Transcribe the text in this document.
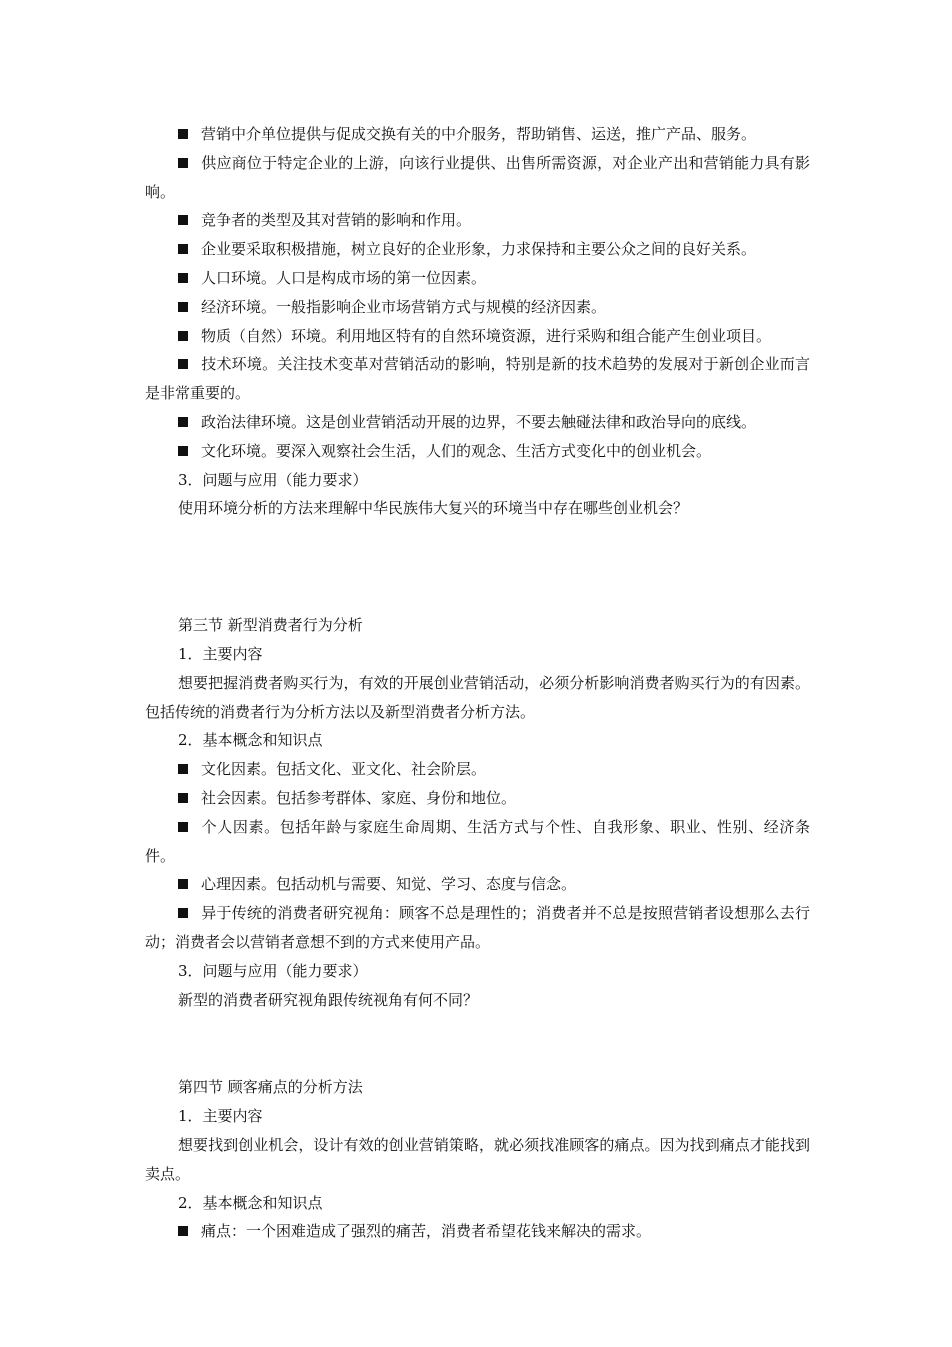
营销中介单位提供与促成交换有关的中介服务，帮助销售、运送，推广产品、服务。

供应商位于特定企业的上游，向该行业提供、出售所需资源，对企业产出和营销能力具有影响。

竞争者的类型及其对营销的影响和作用。

企业要采取积极措施，树立良好的企业形象，力求保持和主要公众之间的良好关系。

人口环境。人口是构成市场的第一位因素。

经济环境。一般指影响企业市场营销方式与规模的经济因素。

物质（自然）环境。利用地区特有的自然环境资源，进行采购和组合能产生创业项目。

技术环境。关注技术变革对营销活动的影响，特别是新的技术趋势的发展对于新创企业而言是非常重要的。

政治法律环境。这是创业营销活动开展的边界，不要去触碰法律和政治导向的底线。

文化环境。要深入观察社会生活，人们的观念、生活方式变化中的创业机会。

3．问题与应用（能力要求）

使用环境分析的方法来理解中华民族伟大复兴的环境当中存在哪些创业机会？

第三节 新型消费者行为分析

1．主要内容

想要把握消费者购买行为，有效的开展创业营销活动，必须分析影响消费者购买行为的有因素。包括传统的消费者行为分析方法以及新型消费者分析方法。

2．基本概念和知识点

文化因素。包括文化、亚文化、社会阶层。

社会因素。包括参考群体、家庭、身份和地位。

个人因素。包括年龄与家庭生命周期、生活方式与个性、自我形象、职业、性别、经济条件。

心理因素。包括动机与需要、知觉、学习、态度与信念。

异于传统的消费者研究视角：顾客不总是理性的；消费者并不总是按照营销者设想那么去行动；消费者会以营销者意想不到的方式来使用产品。

3．问题与应用（能力要求）

新型的消费者研究视角跟传统视角有何不同？

第四节 顾客痛点的分析方法

1．主要内容

想要找到创业机会，设计有效的创业营销策略，就必须找准顾客的痛点。因为找到痛点才能找到卖点。

2．基本概念和知识点

痛点：一个困难造成了强烈的痛苦，消费者希望花钱来解决的需求。
